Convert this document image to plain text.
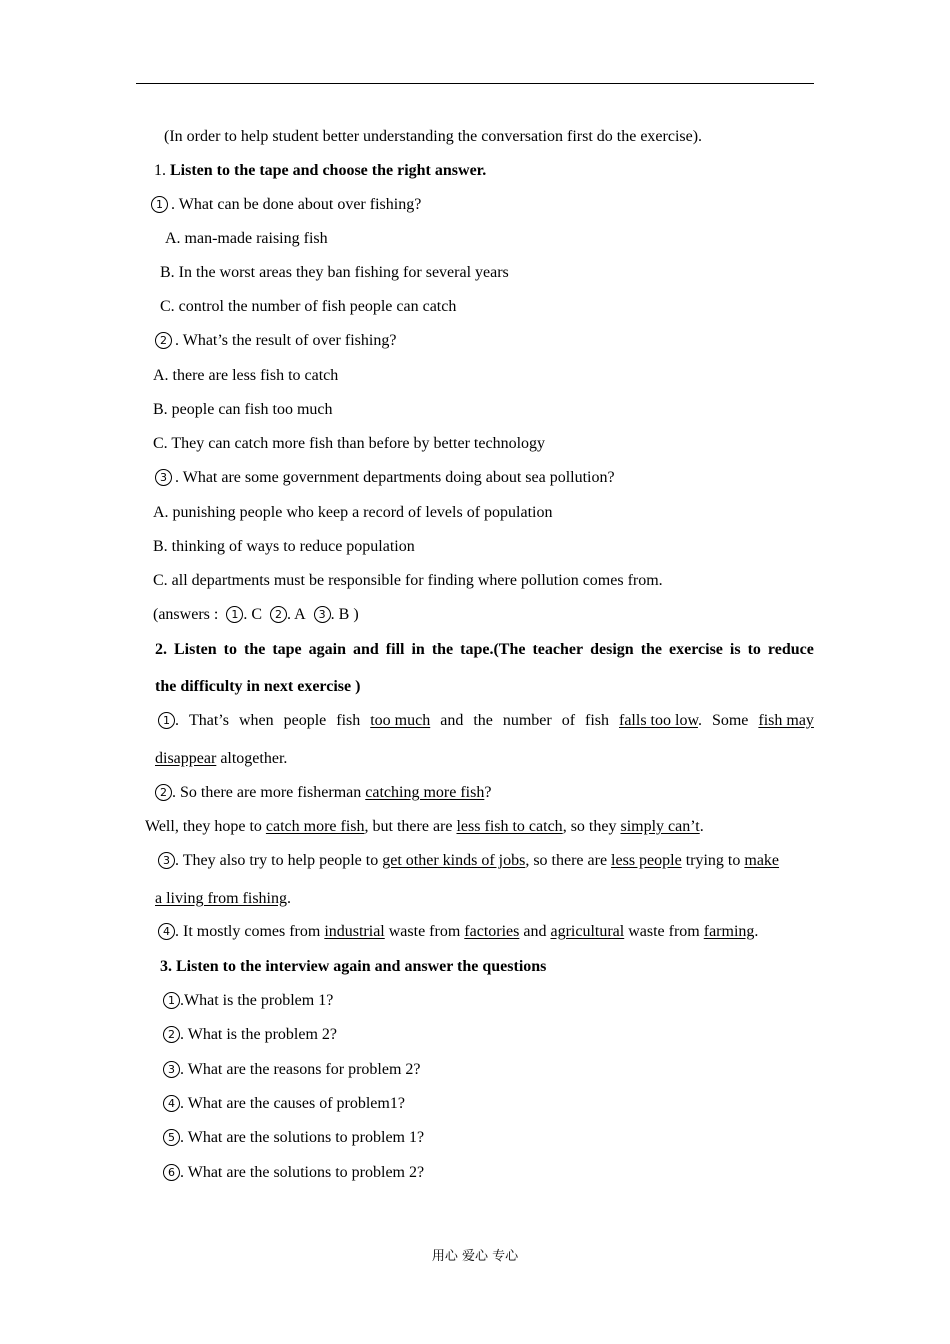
(In order to help student better understanding the conversation first do the exercise).
1. Listen to the tape and choose the right answer.
1 . What can be done about over fishing?
A. man-made raising fish
B. In the worst areas they ban fishing for several years
C. control the number of fish people can catch
2 . What’s the result of over fishing?
A. there are less fish to catch
B. people can fish too much
C. They can catch more fish than before by better technology
3 . What are some government departments doing about sea pollution?
A. punishing people who keep a record of levels of population
B. thinking of ways to reduce population
C. all departments must be responsible for finding where pollution comes from.
(answers : 1 . C 2 . A 3 . B )
2. Listen to the tape again and fill in the tape.(The teacher design the exercise is to reduce
the difficulty in next exercise )
1 . That’s when people fish too much and the number of fish falls too low. Some fish may
disappear altogether.
2 . So there are more fisherman catching more fish?
Well, they hope to catch more fish, but there are less fish to catch, so they simply can’t.
3 . They also try to help people to get other kinds of jobs, so there are less people trying to make
a living from fishing.
4 . It mostly comes from industrial waste from factories and agricultural waste from farming.
3. Listen to the interview again and answer the questions
1 .What is the problem 1?
2 . What is the problem 2?
3 . What are the reasons for problem 2?
4 . What are the causes of problem1?
5 . What are the solutions to problem 1?
6 . What are the solutions to problem 2?
用心 爱心 专心
